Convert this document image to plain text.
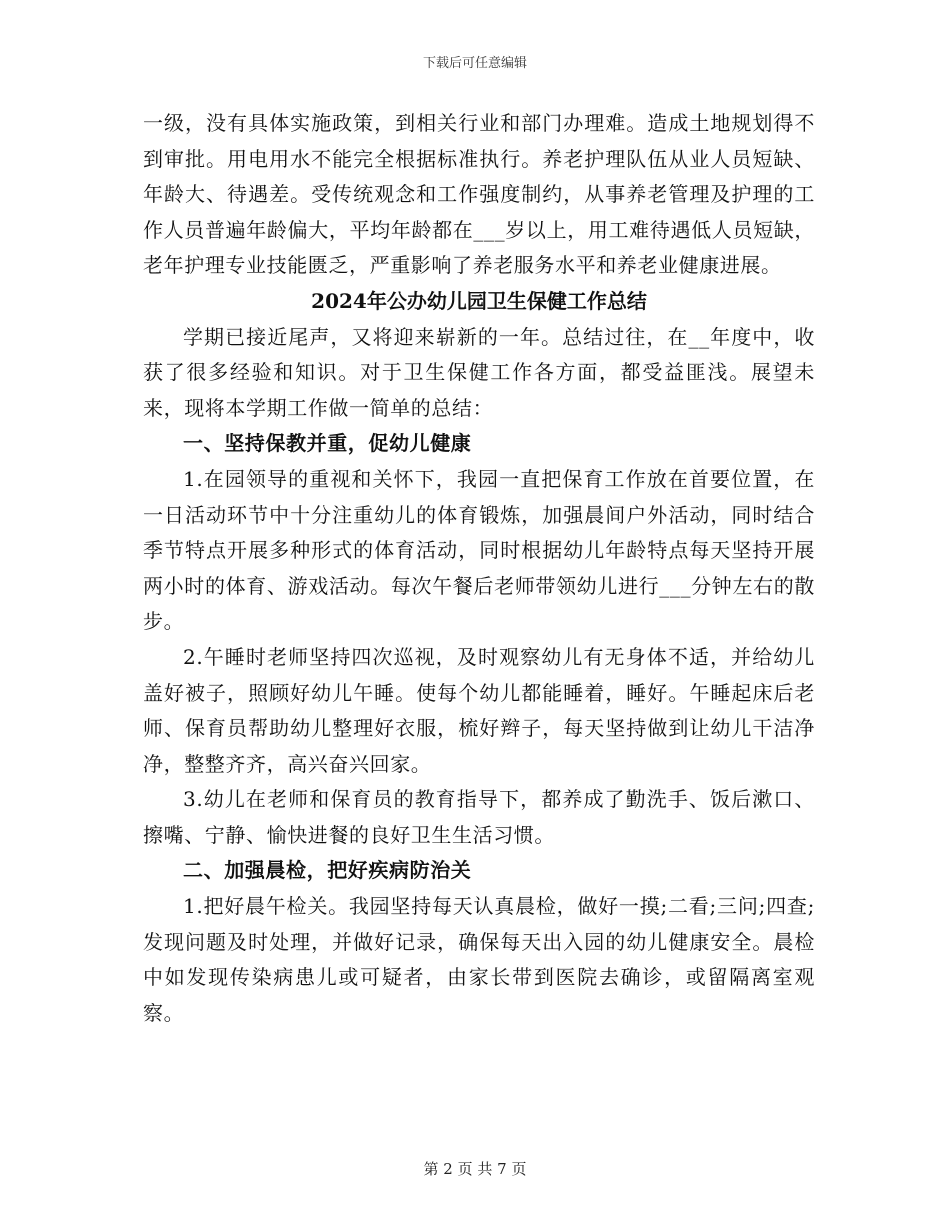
下载后可任意编辑

一级，没有具体实施政策，到相关行业和部门办理难。造成土地规划得不到审批。用电用水不能完全根据标准执行。养老护理队伍从业人员短缺、年龄大、待遇差。受传统观念和工作强度制约，从事养老管理及护理的工作人员普遍年龄偏大，平均年龄都在___岁以上，用工难待遇低人员短缺，老年护理专业技能匮乏，严重影响了养老服务水平和养老业健康进展。

2024年公办幼儿园卫生保健工作总结

学期已接近尾声，又将迎来崭新的一年。总结过往，在__年度中，收获了很多经验和知识。对于卫生保健工作各方面，都受益匪浅。展望未来，现将本学期工作做一简单的总结：

一、坚持保教并重，促幼儿健康

1.在园领导的重视和关怀下，我园一直把保育工作放在首要位置，在一日活动环节中十分注重幼儿的体育锻炼，加强晨间户外活动，同时结合季节特点开展多种形式的体育活动，同时根据幼儿年龄特点每天坚持开展两小时的体育、游戏活动。每次午餐后老师带领幼儿进行___分钟左右的散步。

2.午睡时老师坚持四次巡视，及时观察幼儿有无身体不适，并给幼儿盖好被子，照顾好幼儿午睡。使每个幼儿都能睡着，睡好。午睡起床后老师、保育员帮助幼儿整理好衣服，梳好辫子，每天坚持做到让幼儿干洁净净，整整齐齐，高兴奋兴回家。

3.幼儿在老师和保育员的教育指导下，都养成了勤洗手、饭后漱口、擦嘴、宁静、愉快进餐的良好卫生生活习惯。

二、加强晨检，把好疾病防治关

1.把好晨午检关。我园坚持每天认真晨检，做好一摸;二看;三问;四查;发现问题及时处理，并做好记录，确保每天出入园的幼儿健康安全。晨检中如发现传染病患儿或可疑者，由家长带到医院去确诊，或留隔离室观察。

第 2 页 共 7 页
